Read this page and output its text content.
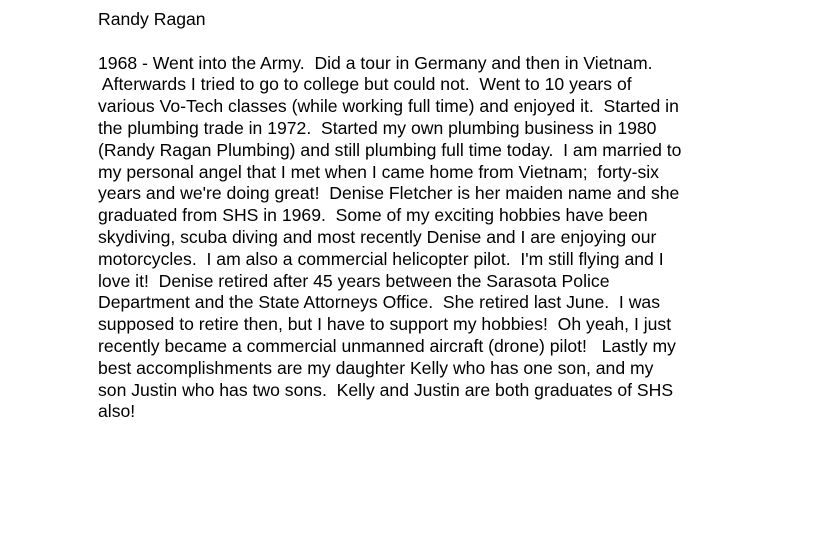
Randy Ragan
1968 - Went into the Army.  Did a tour in Germany and then in Vietnam.
Afterwards I tried to go to college but could not.  Went to 10 years of
various Vo-Tech classes (while working full time) and enjoyed it.  Started in
the plumbing trade in 1972.  Started my own plumbing business in 1980
(Randy Ragan Plumbing) and still plumbing full time today.  I am married to
my personal angel that I met when I came home from Vietnam;  forty-six
years and we're doing great!  Denise Fletcher is her maiden name and she
graduated from SHS in 1969.  Some of my exciting hobbies have been
skydiving, scuba diving and most recently Denise and I are enjoying our
motorcycles.  I am also a commercial helicopter pilot.  I'm still flying and I
love it!  Denise retired after 45 years between the Sarasota Police
Department and the State Attorneys Office.  She retired last June.  I was
supposed to retire then, but I have to support my hobbies!  Oh yeah, I just
recently became a commercial unmanned aircraft (drone) pilot!   Lastly my
best accomplishments are my daughter Kelly who has one son, and my
son Justin who has two sons.  Kelly and Justin are both graduates of SHS
also!
